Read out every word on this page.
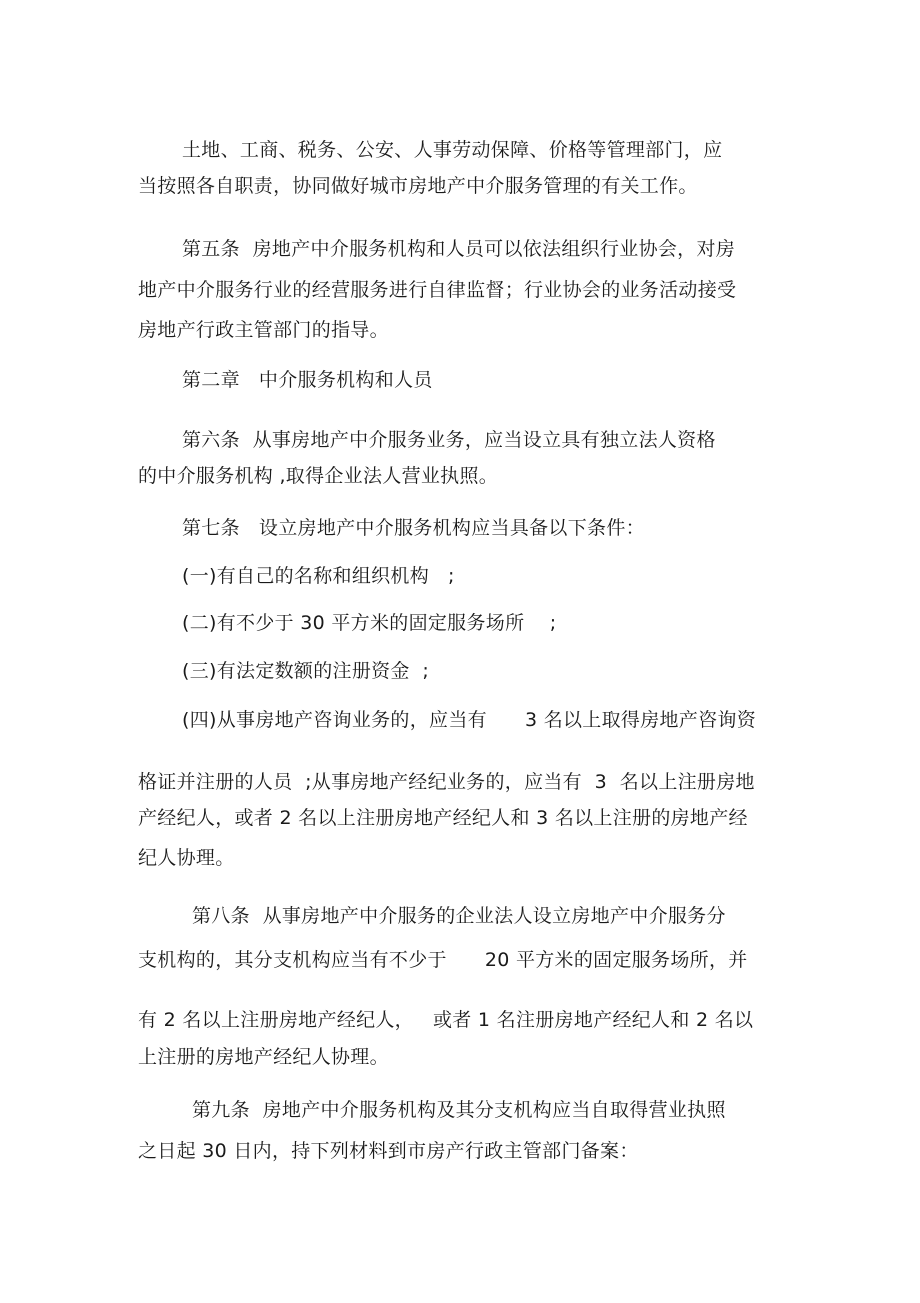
土地、工商、税务、公安、人事劳动保障、价格等管理部门，应
当按照各自职责，协同做好城市房地产中介服务管理的有关工作。
第五条  房地产中介服务机构和人员可以依法组织行业协会，对房
地产中介服务行业的经营服务进行自律监督；行业协会的业务活动接受
房地产行政主管部门的指导。
第二章   中介服务机构和人员
第六条  从事房地产中介服务业务，应当设立具有独立法人资格
的中介服务机构 ,取得企业法人营业执照。
第七条   设立房地产中介服务机构应当具备以下条件：
(一)有自己的名称和组织机构   ;
(二)有不少于 30 平方米的固定服务场所    ;
(三)有法定数额的注册资金  ;
(四)从事房地产咨询业务的，应当有      3 名以上取得房地产咨询资
格证并注册的人员  ;从事房地产经纪业务的，应当有  3  名以上注册房地
产经纪人，或者 2 名以上注册房地产经纪人和 3 名以上注册的房地产经
纪人协理。
第八条  从事房地产中介服务的企业法人设立房地产中介服务分
支机构的，其分支机构应当有不少于      20 平方米的固定服务场所，并
有 2 名以上注册房地产经纪人，   或者 1 名注册房地产经纪人和 2 名以
上注册的房地产经纪人协理。
第九条  房地产中介服务机构及其分支机构应当自取得营业执照
之日起 30 日内，持下列材料到市房产行政主管部门备案：
